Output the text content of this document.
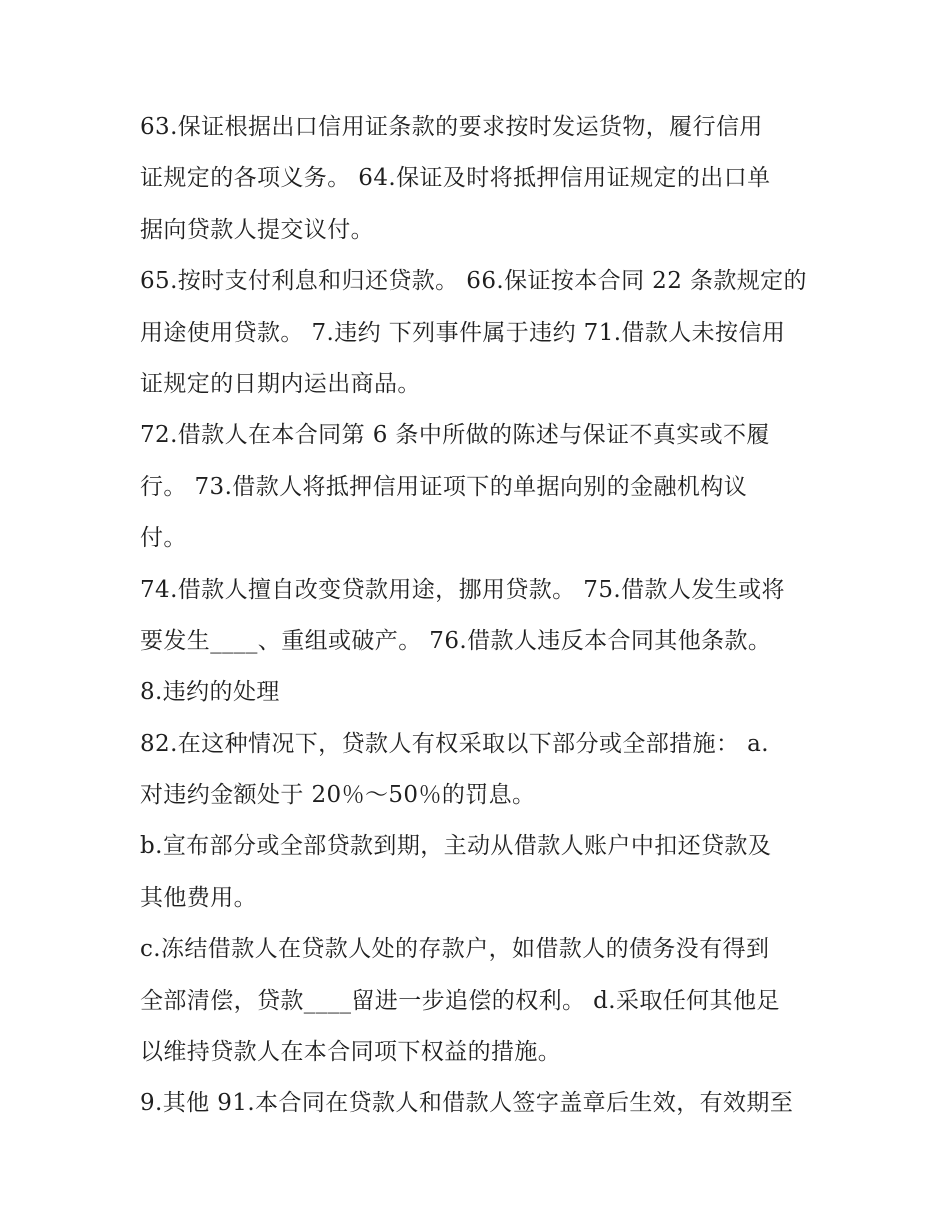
63.保证根据出口信用证条款的要求按时发运货物，履行信用
证规定的各项义务。 64.保证及时将抵押信用证规定的出口单
据向贷款人提交议付。
65.按时支付利息和归还贷款。 66.保证按本合同 22 条款规定的
用途使用贷款。 7.违约 下列事件属于违约 71.借款人未按信用
证规定的日期内运出商品。
72.借款人在本合同第 6 条中所做的陈述与保证不真实或不履
行。 73.借款人将抵押信用证项下的单据向别的金融机构议
付。
74.借款人擅自改变贷款用途，挪用贷款。 75.借款人发生或将
要发生____、重组或破产。 76.借款人违反本合同其他条款。
8.违约的处理
82.在这种情况下，贷款人有权采取以下部分或全部措施： a.
对违约金额处于 20％～50％的罚息。
b.宣布部分或全部贷款到期，主动从借款人账户中扣还贷款及
其他费用。
c.冻结借款人在贷款人处的存款户，如借款人的债务没有得到
全部清偿，贷款____留进一步追偿的权利。 d.采取任何其他足
以维持贷款人在本合同项下权益的措施。
9.其他 91.本合同在贷款人和借款人签字盖章后生效，有效期至
